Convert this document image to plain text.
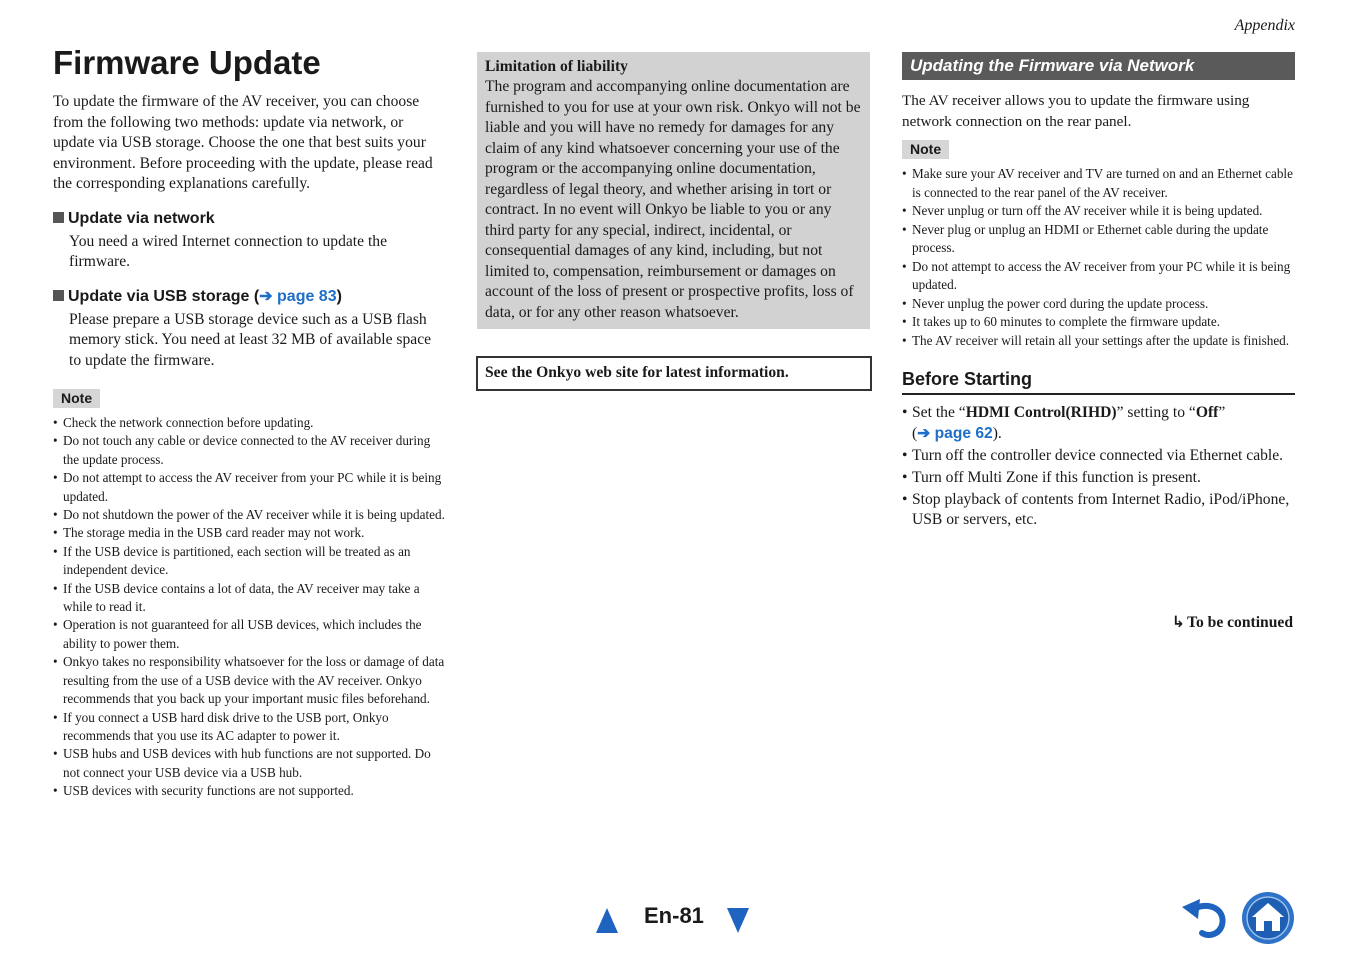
Appendix
Firmware Update

To update the firmware of the AV receiver, you can choose from the following two methods: update via network, or update via USB storage. Choose the one that best suits your environment. Before proceeding with the update, please read the corresponding explanations carefully.

Update via network

You need a wired Internet connection to update the firmware.

Update via USB storage (➔ page 83)

Please prepare a USB storage device such as a USB flash memory stick. You need at least 32 MB of available space to update the firmware.

Note
• Check the network connection before updating.
• Do not touch any cable or device connected to the AV receiver during the update process.
• Do not attempt to access the AV receiver from your PC while it is being updated.
• Do not shutdown the power of the AV receiver while it is being updated.
• The storage media in the USB card reader may not work.
• If the USB device is partitioned, each section will be treated as an independent device.
• If the USB device contains a lot of data, the AV receiver may take a while to read it.
• Operation is not guaranteed for all USB devices, which includes the ability to power them.
• Onkyo takes no responsibility whatsoever for the loss or damage of data resulting from the use of a USB device with the AV receiver. Onkyo recommends that you back up your important music files beforehand.
• If you connect a USB hard disk drive to the USB port, Onkyo recommends that you use its AC adapter to power it.
• USB hubs and USB devices with hub functions are not supported. Do not connect your USB device via a USB hub.
• USB devices with security functions are not supported.
Limitation of liability
The program and accompanying online documentation are furnished to you for use at your own risk. Onkyo will not be liable and you will have no remedy for damages for any claim of any kind whatsoever concerning your use of the program or the accompanying online documentation, regardless of legal theory, and whether arising in tort or contract. In no event will Onkyo be liable to you or any third party for any special, indirect, incidental, or consequential damages of any kind, including, but not limited to, compensation, reimbursement or damages on account of the loss of present or prospective profits, loss of data, or for any other reason whatsoever.
See the Onkyo web site for latest information.
Updating the Firmware via Network

The AV receiver allows you to update the firmware using network connection on the rear panel.

Note
• Make sure your AV receiver and TV are turned on and an Ethernet cable is connected to the rear panel of the AV receiver.
• Never unplug or turn off the AV receiver while it is being updated.
• Never plug or unplug an HDMI or Ethernet cable during the update process.
• Do not attempt to access the AV receiver from your PC while it is being updated.
• Never unplug the power cord during the update process.
• It takes up to 60 minutes to complete the firmware update.
• The AV receiver will retain all your settings after the update is finished.
Before Starting
• Set the “HDMI Control(RIHD)” setting to “Off”
(➔ page 62).
• Turn off the controller device connected via Ethernet cable.
• Turn off Multi Zone if this function is present.
• Stop playback of contents from Internet Radio, iPod/iPhone, USB or servers, etc.
↳ To be continued
En-81
